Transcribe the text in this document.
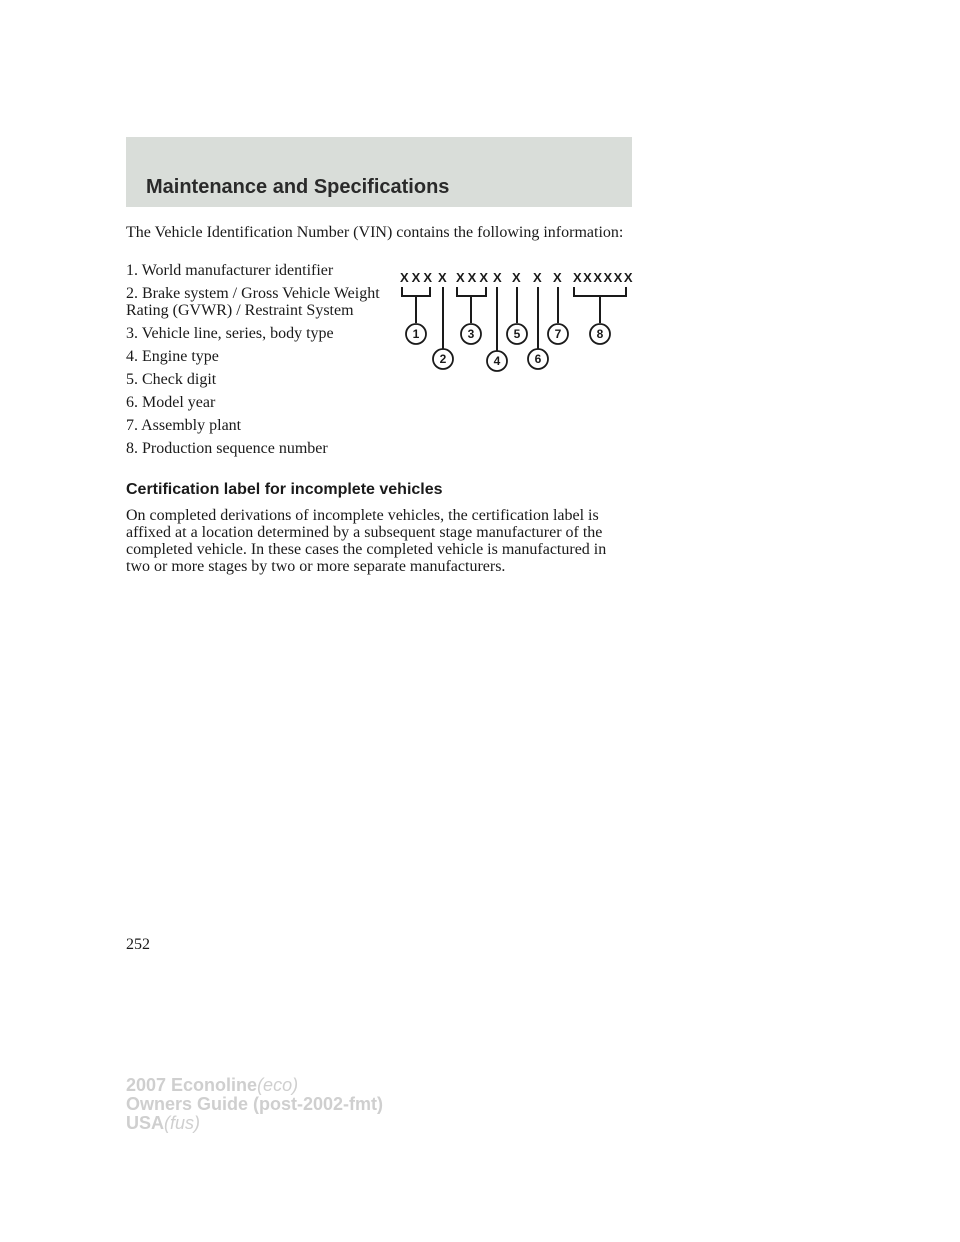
Maintenance and Specifications

The Vehicle Identification Number (VIN) contains the following information:

1. World manufacturer identifier
2. Brake system / Gross Vehicle Weight Rating (GVWR) / Restraint System
3. Vehicle line, series, body type
4. Engine type
5. Check digit
6. Model year
7. Assembly plant
8. Production sequence number
XXX X XXX X X X X XXXXXX
1
2
3
4
5
6
7	8
Certification label for incomplete vehicles

On completed derivations of incomplete vehicles, the certification label is affixed at a location determined by a subsequent stage manufacturer of the completed vehicle. In these cases the completed vehicle is manufactured in two or more stages by two or more separate manufacturers.

252

2007 Econoline(eco)
Owners Guide (post-2002-fmt)
USA(fus)
